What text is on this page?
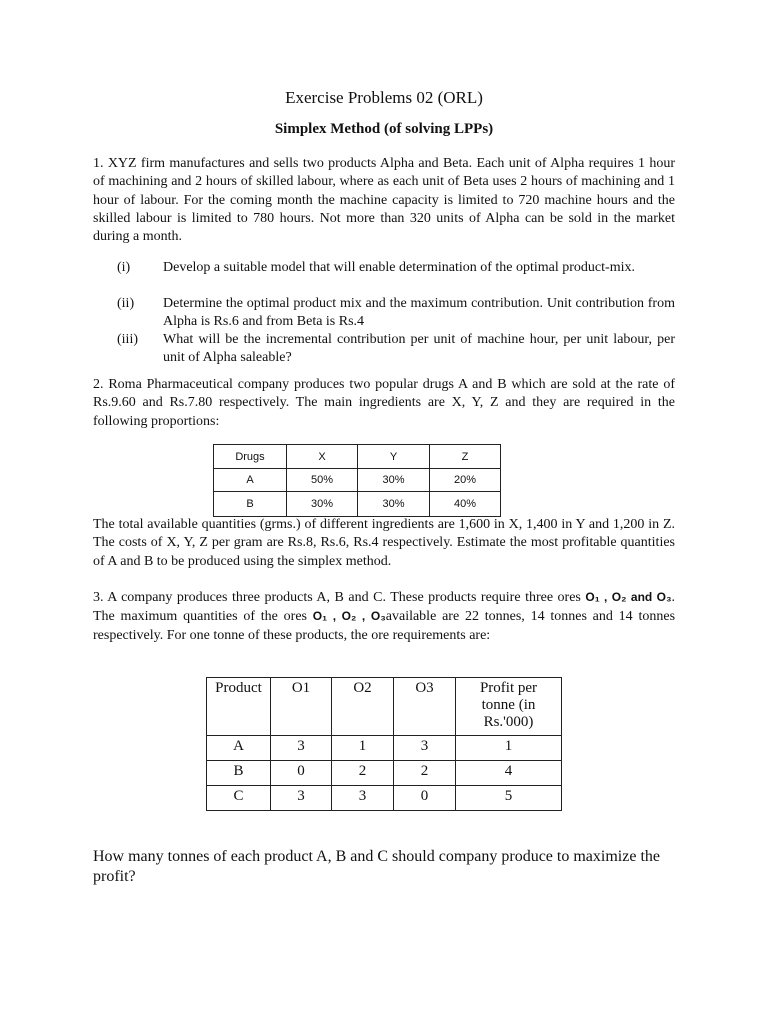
Exercise Problems 02 (ORL)
Simplex Method (of solving LPPs)
1. XYZ firm manufactures and sells two products Alpha and Beta. Each unit of Alpha requires 1 hour of machining and 2 hours of skilled labour, where as each unit of Beta uses 2 hours of machining and 1 hour of labour. For the coming month the machine capacity is limited to 720 machine hours and the skilled labour is limited to 780 hours. Not more than 320 units of Alpha can be sold in the market during a month.
(i) Develop a suitable model that will enable determination of the optimal product-mix.
(ii) Determine the optimal product mix and the maximum contribution. Unit contribution from Alpha is Rs.6 and from Beta is Rs.4
(iii) What will be the incremental contribution per unit of machine hour, per unit labour, per unit of Alpha saleable?
2. Roma Pharmaceutical company produces two popular drugs A and B which are sold at the rate of Rs.9.60 and Rs.7.80 respectively. The main ingredients are X, Y, Z and they are required in the following proportions:
Drugs	X	Y	Z
A	50%	30%	20%
B	30%	30%	40%
The total available quantities (grms.) of different ingredients are 1,600 in X, 1,400 in Y and 1,200 in Z. The costs of X, Y, Z per gram are Rs.8, Rs.6, Rs.4 respectively. Estimate the most profitable quantities of A and B to be produced using the simplex method.
3. A company produces three products A, B and C. These products require three ores O₁ , O₂ and O₃. The maximum quantities of the ores O₁ , O₂ , O₃available are 22 tonnes, 14 tonnes and 14 tonnes respectively. For one tonne of these products, the ore requirements are:
Product	O1	O2	O3	Profit per tonne (in Rs.'000)
A	3	1	3	1
B	0	2	2	4
C	3	3	0	5
How many tonnes of each product A, B and C should company produce to maximize the profit?
